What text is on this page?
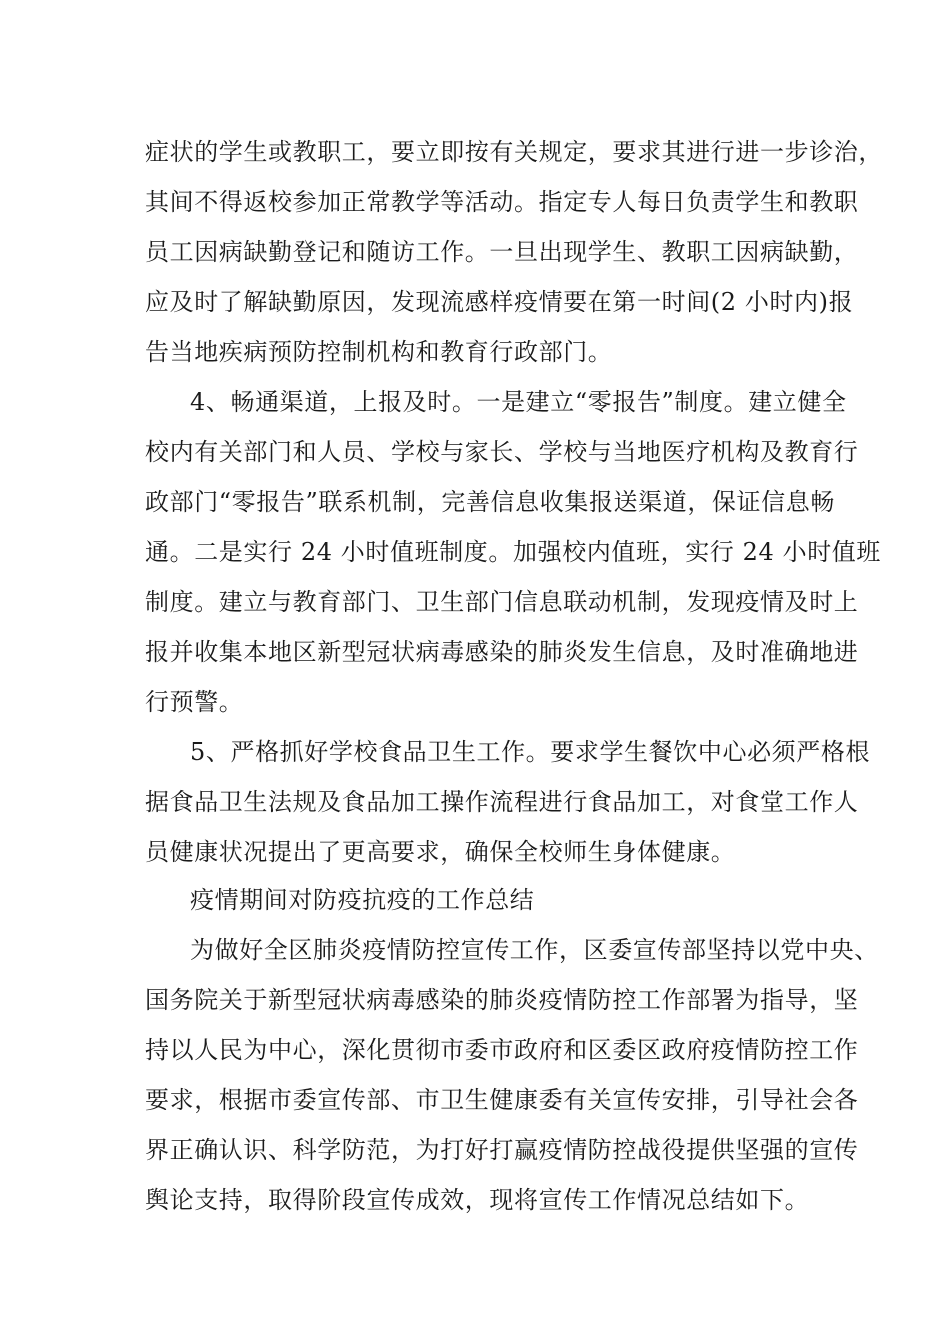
症状的学生或教职工，要立即按有关规定，要求其进行进一步诊治，

其间不得返校参加正常教学等活动。指定专人每日负责学生和教职

员工因病缺勤登记和随访工作。一旦出现学生、教职工因病缺勤，

应及时了解缺勤原因，发现流感样疫情要在第一时间(2 小时内)报

告当地疾病预防控制机构和教育行政部门。

4、畅通渠道，上报及时。一是建立“零报告”制度。建立健全

校内有关部门和人员、学校与家长、学校与当地医疗机构及教育行

政部门“零报告”联系机制，完善信息收集报送渠道，保证信息畅

通。二是实行 24 小时值班制度。加强校内值班，实行 24 小时值班

制度。建立与教育部门、卫生部门信息联动机制，发现疫情及时上

报并收集本地区新型冠状病毒感染的肺炎发生信息，及时准确地进

行预警。

5、严格抓好学校食品卫生工作。要求学生餐饮中心必须严格根

据食品卫生法规及食品加工操作流程进行食品加工，对食堂工作人

员健康状况提出了更高要求，确保全校师生身体健康。

疫情期间对防疫抗疫的工作总结

为做好全区肺炎疫情防控宣传工作，区委宣传部坚持以党中央、

国务院关于新型冠状病毒感染的肺炎疫情防控工作部署为指导，坚

持以人民为中心，深化贯彻市委市政府和区委区政府疫情防控工作

要求，根据市委宣传部、市卫生健康委有关宣传安排，引导社会各

界正确认识、科学防范，为打好打赢疫情防控战役提供坚强的宣传

舆论支持，取得阶段宣传成效，现将宣传工作情况总结如下。
